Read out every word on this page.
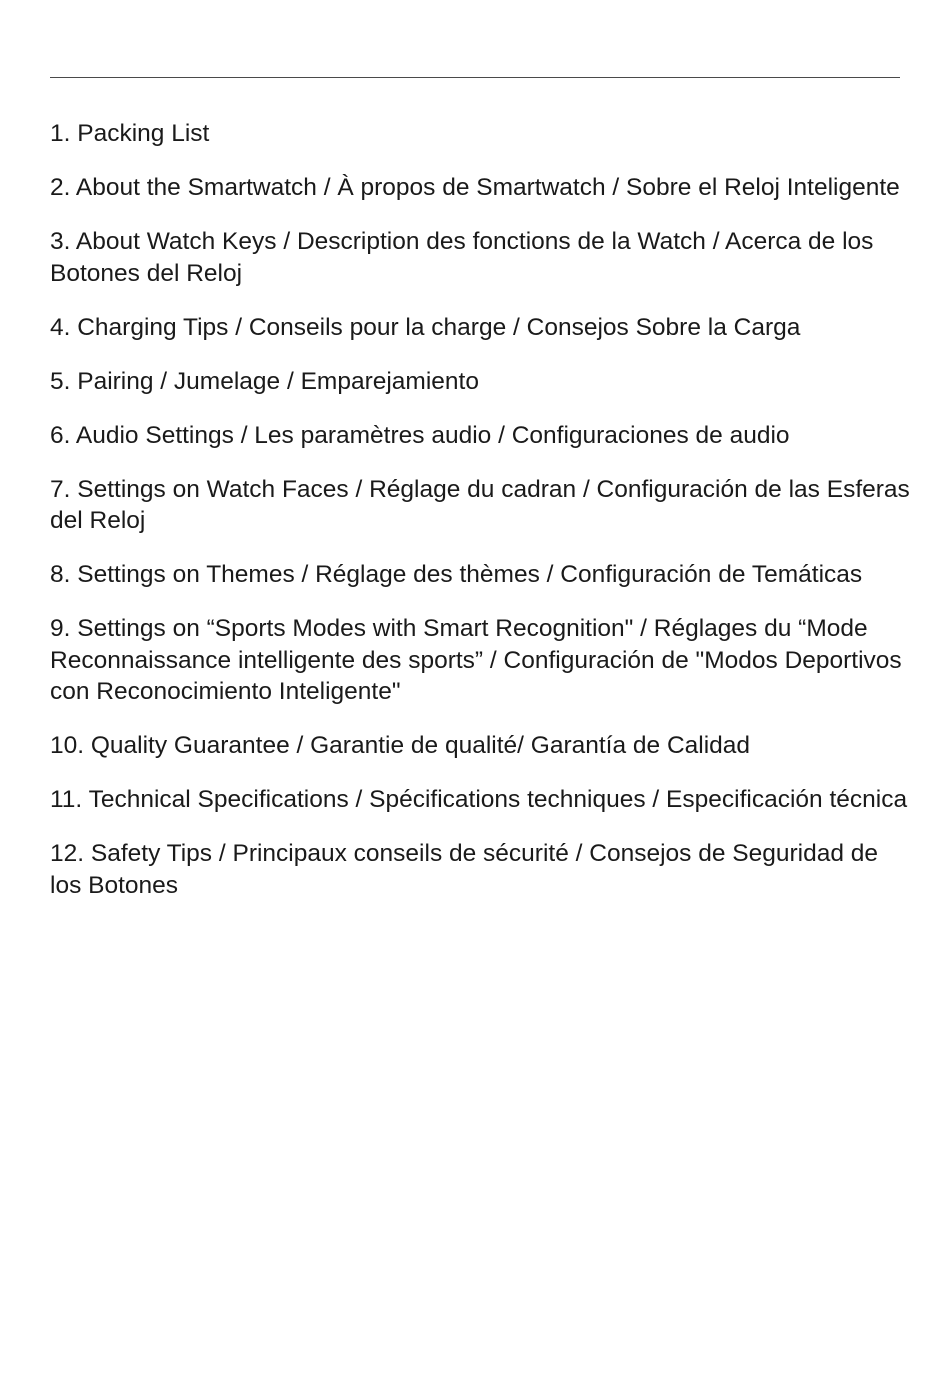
1. Packing List
2. About the Smartwatch / À propos de Smartwatch / Sobre el Reloj Inteligente
3. About Watch Keys / Description des fonctions de la Watch / Acerca de los Botones del Reloj
4. Charging Tips / Conseils pour la charge / Consejos Sobre la Carga
5. Pairing / Jumelage / Emparejamiento
6. Audio Settings / Les paramètres audio / Configuraciones de audio
7. Settings on Watch Faces / Réglage du cadran / Configuración de las Esferas del Reloj
8. Settings on Themes / Réglage des thèmes / Configuración de Temáticas
9. Settings on “Sports Modes with Smart Recognition" / Réglages du “Mode Reconnaissance intelligente des sports” / Configuración de "Modos Deportivos con Reconocimiento Inteligente"
10. Quality Guarantee / Garantie de qualité/ Garantía de Calidad
11. Technical Specifications / Spécifications techniques / Especificación técnica
12. Safety Tips / Principaux conseils de sécurité / Consejos de Seguridad de los Botones
